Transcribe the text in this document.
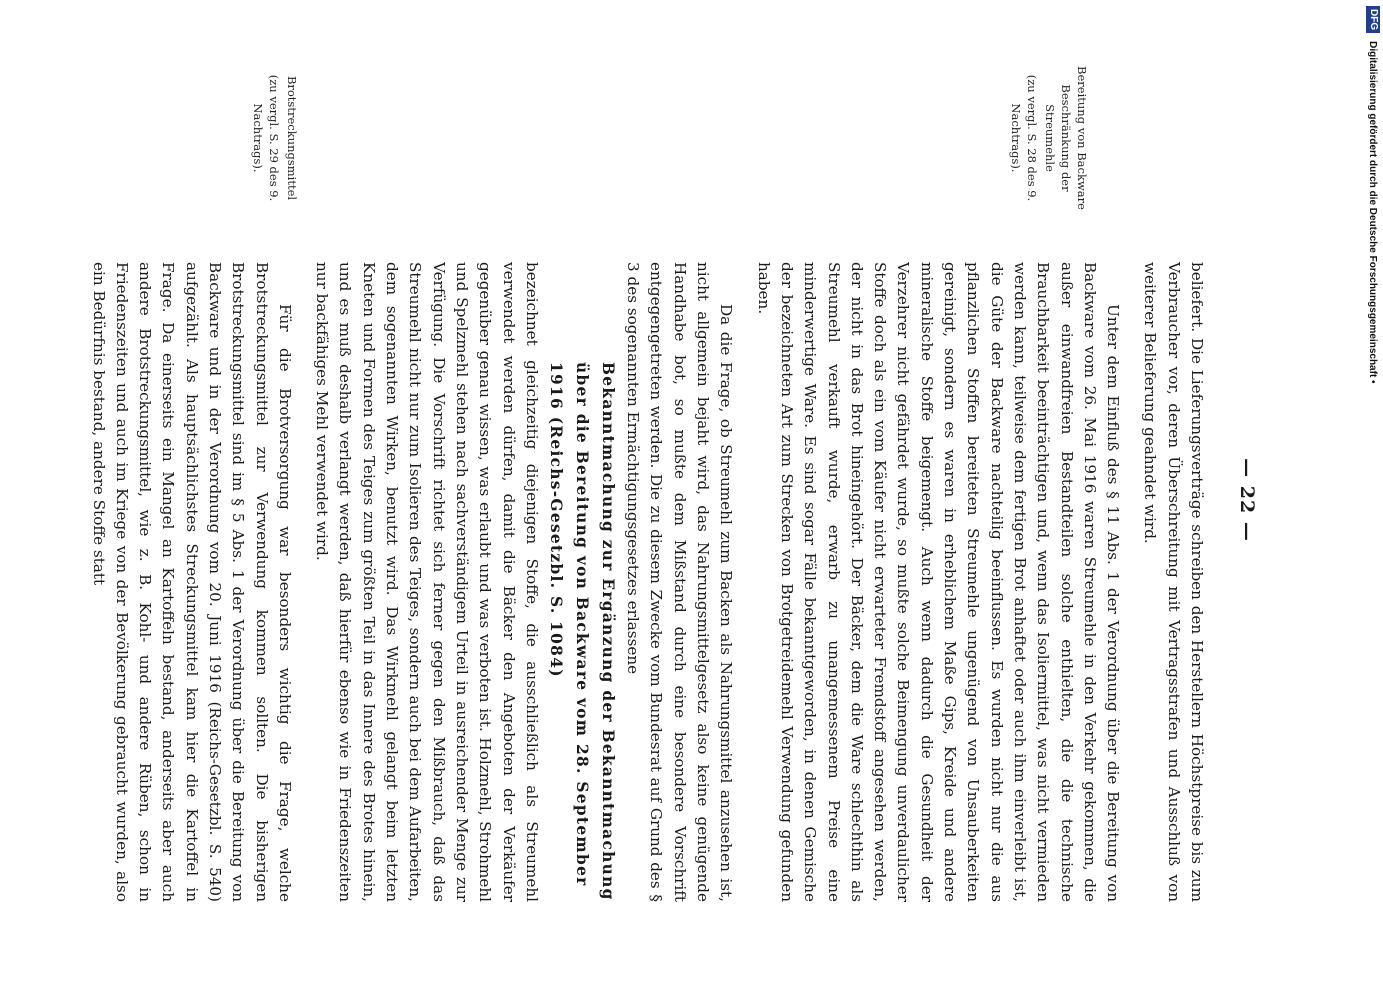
— 22 —
Bereitung von Backware Beschränkung der Streumehle
(zu vergl. S. 28 des 9. Nachtrags).
Brotstreckungsmittel
(zu vergl. S. 29 des 9. Nachtrags).

beliefert. Die Lieferungsverträge schreiben den Herstellern Höchstpreise bis zum Verbraucher vor, deren Überschreitung mit Vertragsstrafen und Ausschluß von weiterer Belieferung geahndet wird.

Unter dem Einfluß des § 11 Abs. 1 der Verordnung über die Bereitung von Backware vom 26. Mai 1916 waren Streumehle in den Verkehr gekommen, die außer einwandfreien Bestandteilen solche enthielten, die die technische Brauchbarkeit beeinträchtigen und, wenn das Isoliermittel, was nicht vermieden werden kann, teilweise dem fertigen Brot anhaftet oder auch ihm einverleibt ist, die Güte der Backware nachteilig beeinflussen. Es wurden nicht nur die aus pflanzlichen Stoffen bereiteten Streumehle ungenügend von Unsauberkeiten gereinigt, sondern es waren in erheblichem Maße Gips, Kreide und andere mineralische Stoffe beigemengt. Auch wenn dadurch die Gesundheit der Verzehrer nicht gefährdet wurde, so mußte solche Beimengung unverdaulicher Stoffe doch als ein vom Käufer nicht erwarteter Fremdstoff angesehen werden, der nicht in das Brot hineingehört. Der Bäcker, dem die Ware schlechthin als Streumehl verkauft wurde, erwarb zu unangemessenem Preise eine minderwertige Ware. Es sind sogar Fälle bekanntgeworden, in denen Gemische der bezeichneten Art zum Strecken von Brotgetreidemehl Verwendung gefunden haben.

Da die Frage, ob Streumehl zum Backen als Nahrungsmittel anzusehen ist, nicht allgemein bejaht wird, das Nahrungsmittelgesetz also keine genügende Handhabe bot, so mußte dem Mißstand durch eine besondere Vorschrift entgegengetreten werden. Die zu diesem Zwecke vom Bundesrat auf Grund des § 3 des sogenannten Ermächtigungsgesetzes erlassene

Bekanntmachung zur Ergänzung der Bekanntmachung über die Bereitung von Backware vom 28. September 1916 (Reichs-Gesetzbl. S. 1084)

bezeichnet gleichzeitig diejenigen Stoffe, die ausschließlich als Streumehl verwendet werden dürfen, damit die Bäcker den Angeboten der Verkäufer gegenüber genau wissen, was erlaubt und was verboten ist. Holzmehl, Strohmehl und Spelzmehl stehen nach sachverständigem Urteil in ausreichender Menge zur Verfügung. Die Vorschrift richtet sich ferner gegen den Mißbrauch, daß das Streumehl nicht nur zum Isolieren des Teiges, sondern auch bei dem Aufarbeiten, dem sogenannten Wirken, benutzt wird. Das Wirkmehl gelangt beim letzten Kneten und Formen des Teiges zum größten Teil in das Innere des Brotes hinein, und es muß deshalb verlangt werden, daß hierfür ebenso wie in Friedenszeiten nur backfähiges Mehl verwendet wird.

Für die Brotversorgung war besonders wichtig die Frage, welche Brotstreckungsmittel zur Verwendung kommen sollten. Die bisherigen Brotstreckungsmittel sind im § 5 Abs. 1 der Verordnung über die Bereitung von Backware und in der Verordnung vom 20. Juni 1916 (Reichs-Gesetzbl. S. 540) aufgezählt. Als hauptsächlichstes Streckungsmittel kam hier die Kartoffel in Frage. Da einerseits ein Mangel an Kartoffeln bestand, anderseits aber auch andere Brotstreckungsmittel, wie z. B. Kohl- und andere Rüben, schon in Friedenszeiten und auch im Kriege von der Bevölkerung gebraucht wurden, also ein Bedürfnis bestand, andere Stoffe statt

DFGDigitalisierung gefördert durch die Deutsche Forschungsgemeinschaft •
